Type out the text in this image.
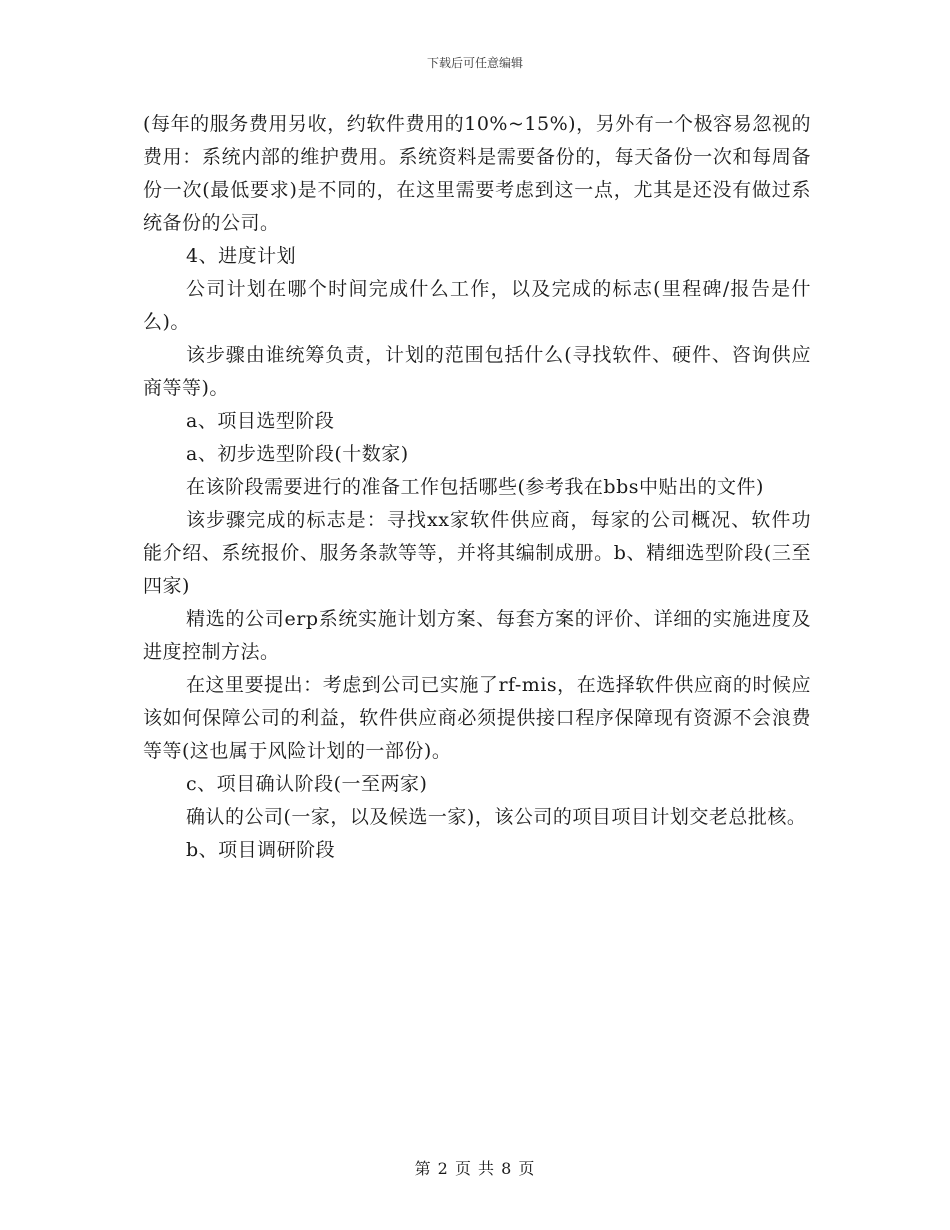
下载后可任意编辑

(每年的服务费用另收，约软件费用的10%~15%)，另外有一个极容易忽视的费用：系统内部的维护费用。系统资料是需要备份的，每天备份一次和每周备份一次(最低要求)是不同的，在这里需要考虑到这一点，尤其是还没有做过系统备份的公司。

4、进度计划

公司计划在哪个时间完成什么工作，以及完成的标志(里程碑/报告是什么)。

该步骤由谁统筹负责，计划的范围包括什么(寻找软件、硬件、咨询供应商等等)。

a、项目选型阶段

a、初步选型阶段(十数家)

在该阶段需要进行的准备工作包括哪些(参考我在bbs中贴出的文件)

该步骤完成的标志是：寻找xx家软件供应商，每家的公司概况、软件功能介绍、系统报价、服务条款等等，并将其编制成册。b、精细选型阶段(三至四家)

精选的公司erp系统实施计划方案、每套方案的评价、详细的实施进度及进度控制方法。

在这里要提出：考虑到公司已实施了rf-mis，在选择软件供应商的时候应该如何保障公司的利益，软件供应商必须提供接口程序保障现有资源不会浪费等等(这也属于风险计划的一部份)。

c、项目确认阶段(一至两家)

确认的公司(一家，以及候选一家)，该公司的项目项目计划交老总批核。

b、项目调研阶段

第 2 页 共 8 页
